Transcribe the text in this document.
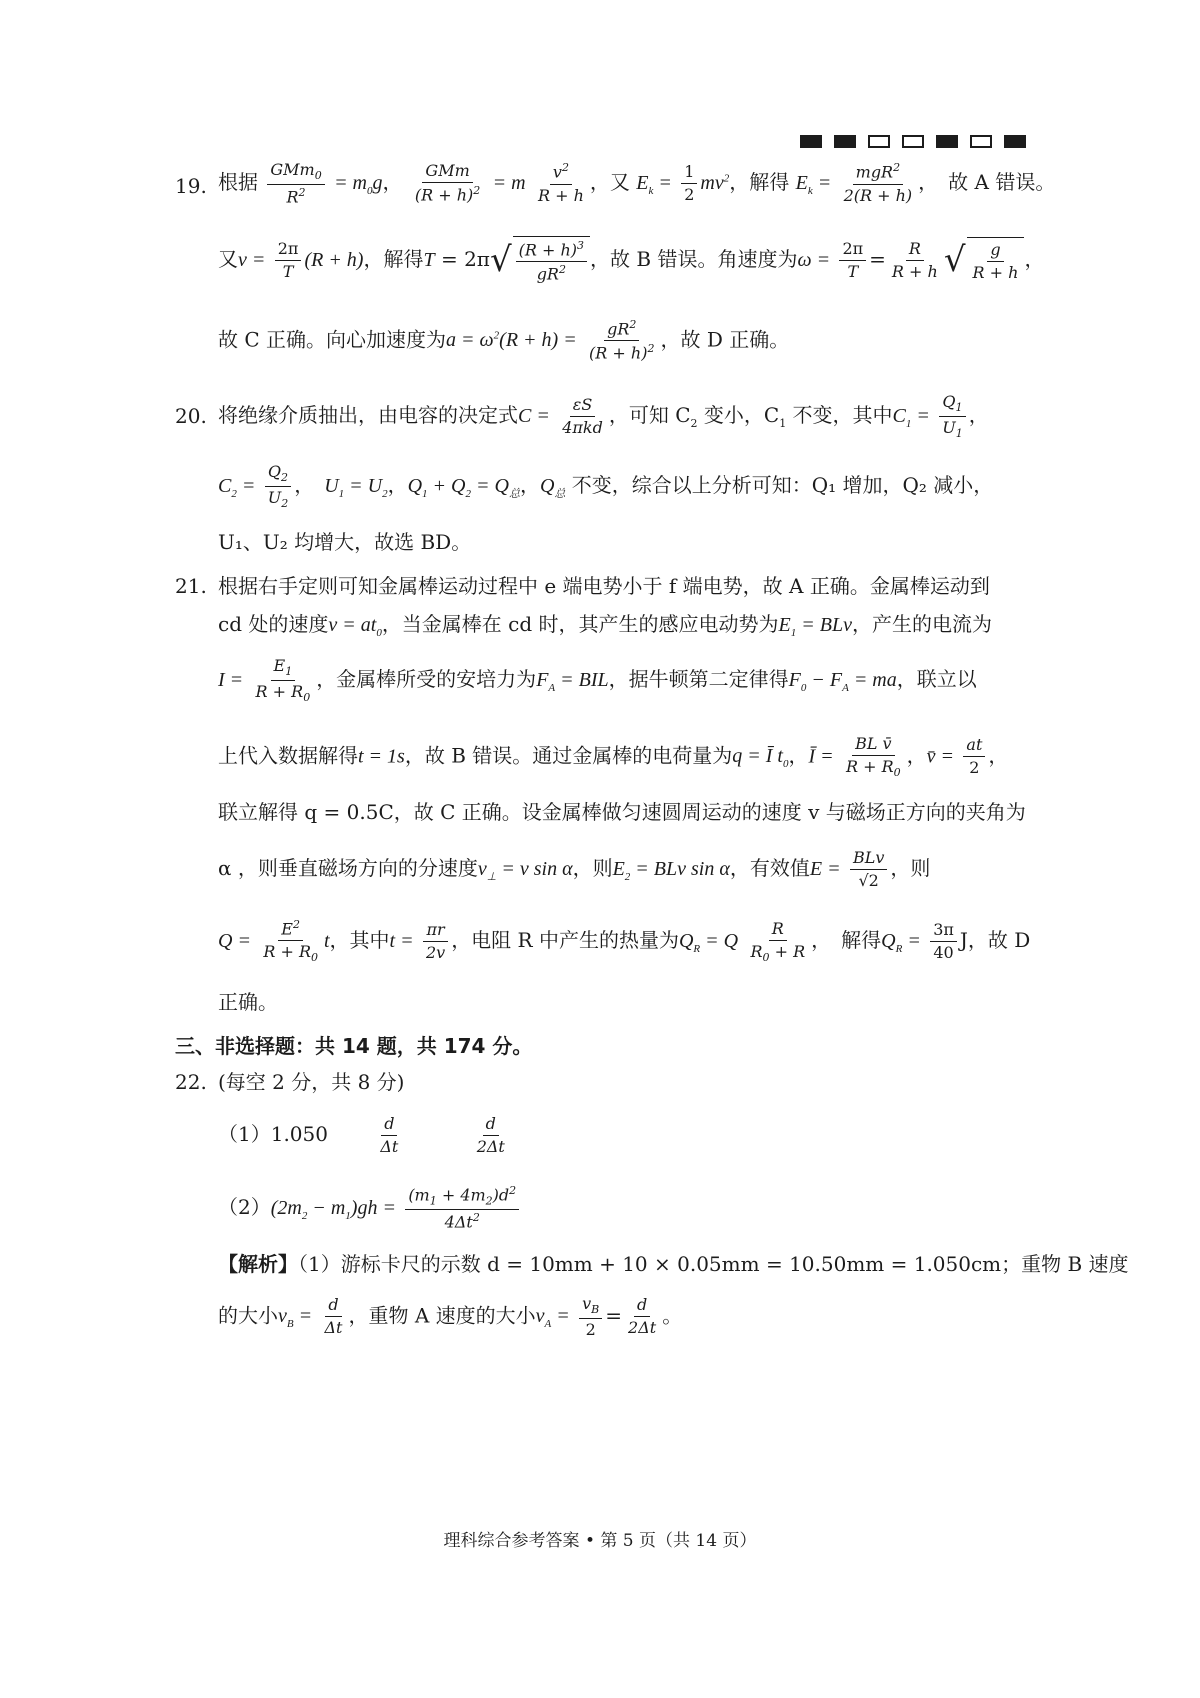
19. 根据 $\frac{GMm_0}{R^2} = m_0g$， $\frac{\text{GMm}}{(R + h)^2} = m \frac{v^2}{R + h}$ ，又 $E_k = \frac{1}{2} mv^2$，解得 $E_k = \frac{mgR^2}{2(R + h)}$ ，　故 A 错误。
又$v = \frac{2\pi}{T} (R + h)$，解得T = 2π √ $\frac{(R + h)^3}{gR^2}$ ，故 B 错误。角速度为$\omega = \frac{2\pi}{T} = \frac{R}{R + h}$ √ $\frac{g}{R + h}$ ，
故 C 正确。向心加速度为$a = \omega^2(R + h) = \frac{gR^2}{(R + h)^2}$ ，故 D 正确。
20. 将绝缘介质抽出，由电容的决定式$C = \frac{\varepsilon S}{\text{4πkd}}$ ，可知 $C_2$ 变小，$C_1$ 不变，其中$C_1 = \frac{Q_1}{U_1}$ ，
$C_2 = \frac{Q_2}{U_2}$ ，　$U_1 = U_2$，$Q_1 + Q_2 = Q_总$，$Q_总$ 不变，综合以上分析可知：Q₁ 增加，Q₂ 减小，
U₁、U₂ 均增大，故选 BD。
21. 根据右手定则可知金属棒运动过程中 e 端电势小于 f 端电势，故 A 正确。金属棒运动到
cd 处的速度$v = at_0$，当金属棒在 cd 时，其产生的感应电动势为$E_1$ = BLv，产生的电流为
$I = \frac{E_1}{R + R_0}$ ，金属棒所受的安培力为$F_A$ = BIL，据牛顿第二定律得$F_0 - F_A$ = ma，联立以
上代入数据解得t = 1s，故 B 错误。通过金属棒的电荷量为q = Ī $t_0$，Ī = $\frac{\text{BL v̄}}{R + R_0}$ ，v̄ = $\frac{at}{2}$ ，
联立解得 q = 0.5C，故 C 正确。设金属棒做匀速圆周运动的速度 v 与磁场正方向的夹角为
α ，则垂直磁场方向的分速度$v_\perp = v$ sin α，则$E_2$ = BLv sin α，有效值$E = \frac{\text{BLv}}{√2}$ ，则
$Q = \frac{E^2}{R + R_0}$ t，其中$t = \frac{\pi r}{2v}$ ，电阻 R 中产生的热量为$Q_R = Q \frac{R}{R_0 + R}$ ，　解得$Q_R = \frac{3\pi}{40}$ J，故 D
正确。
三、非选择题：共 14 题，共 174 分。
22. (每空 2 分，共 8 分)
（1）1.050　　	$\frac{d}{\Delta t}$
　　　	$\frac{d}{2\Delta t}$
$(2)(2m_2 - m_1)gh = \frac{(m_1 + 4m_2)d^2}{4\Delta t^2}$
【解析】（1）游标卡尺的示数 d = 10mm + 10 × 0.05mm = 10.50mm = 1.050cm；重物 B 速度
的大小$v_B = \frac{d}{\Delta t}$ ，重物 A 速度的大小$v_A = \frac{v_B}{2} = \frac{d}{2\Delta t}$ 。
理科综合参考答案 • 第 5 页（共 14 页）
